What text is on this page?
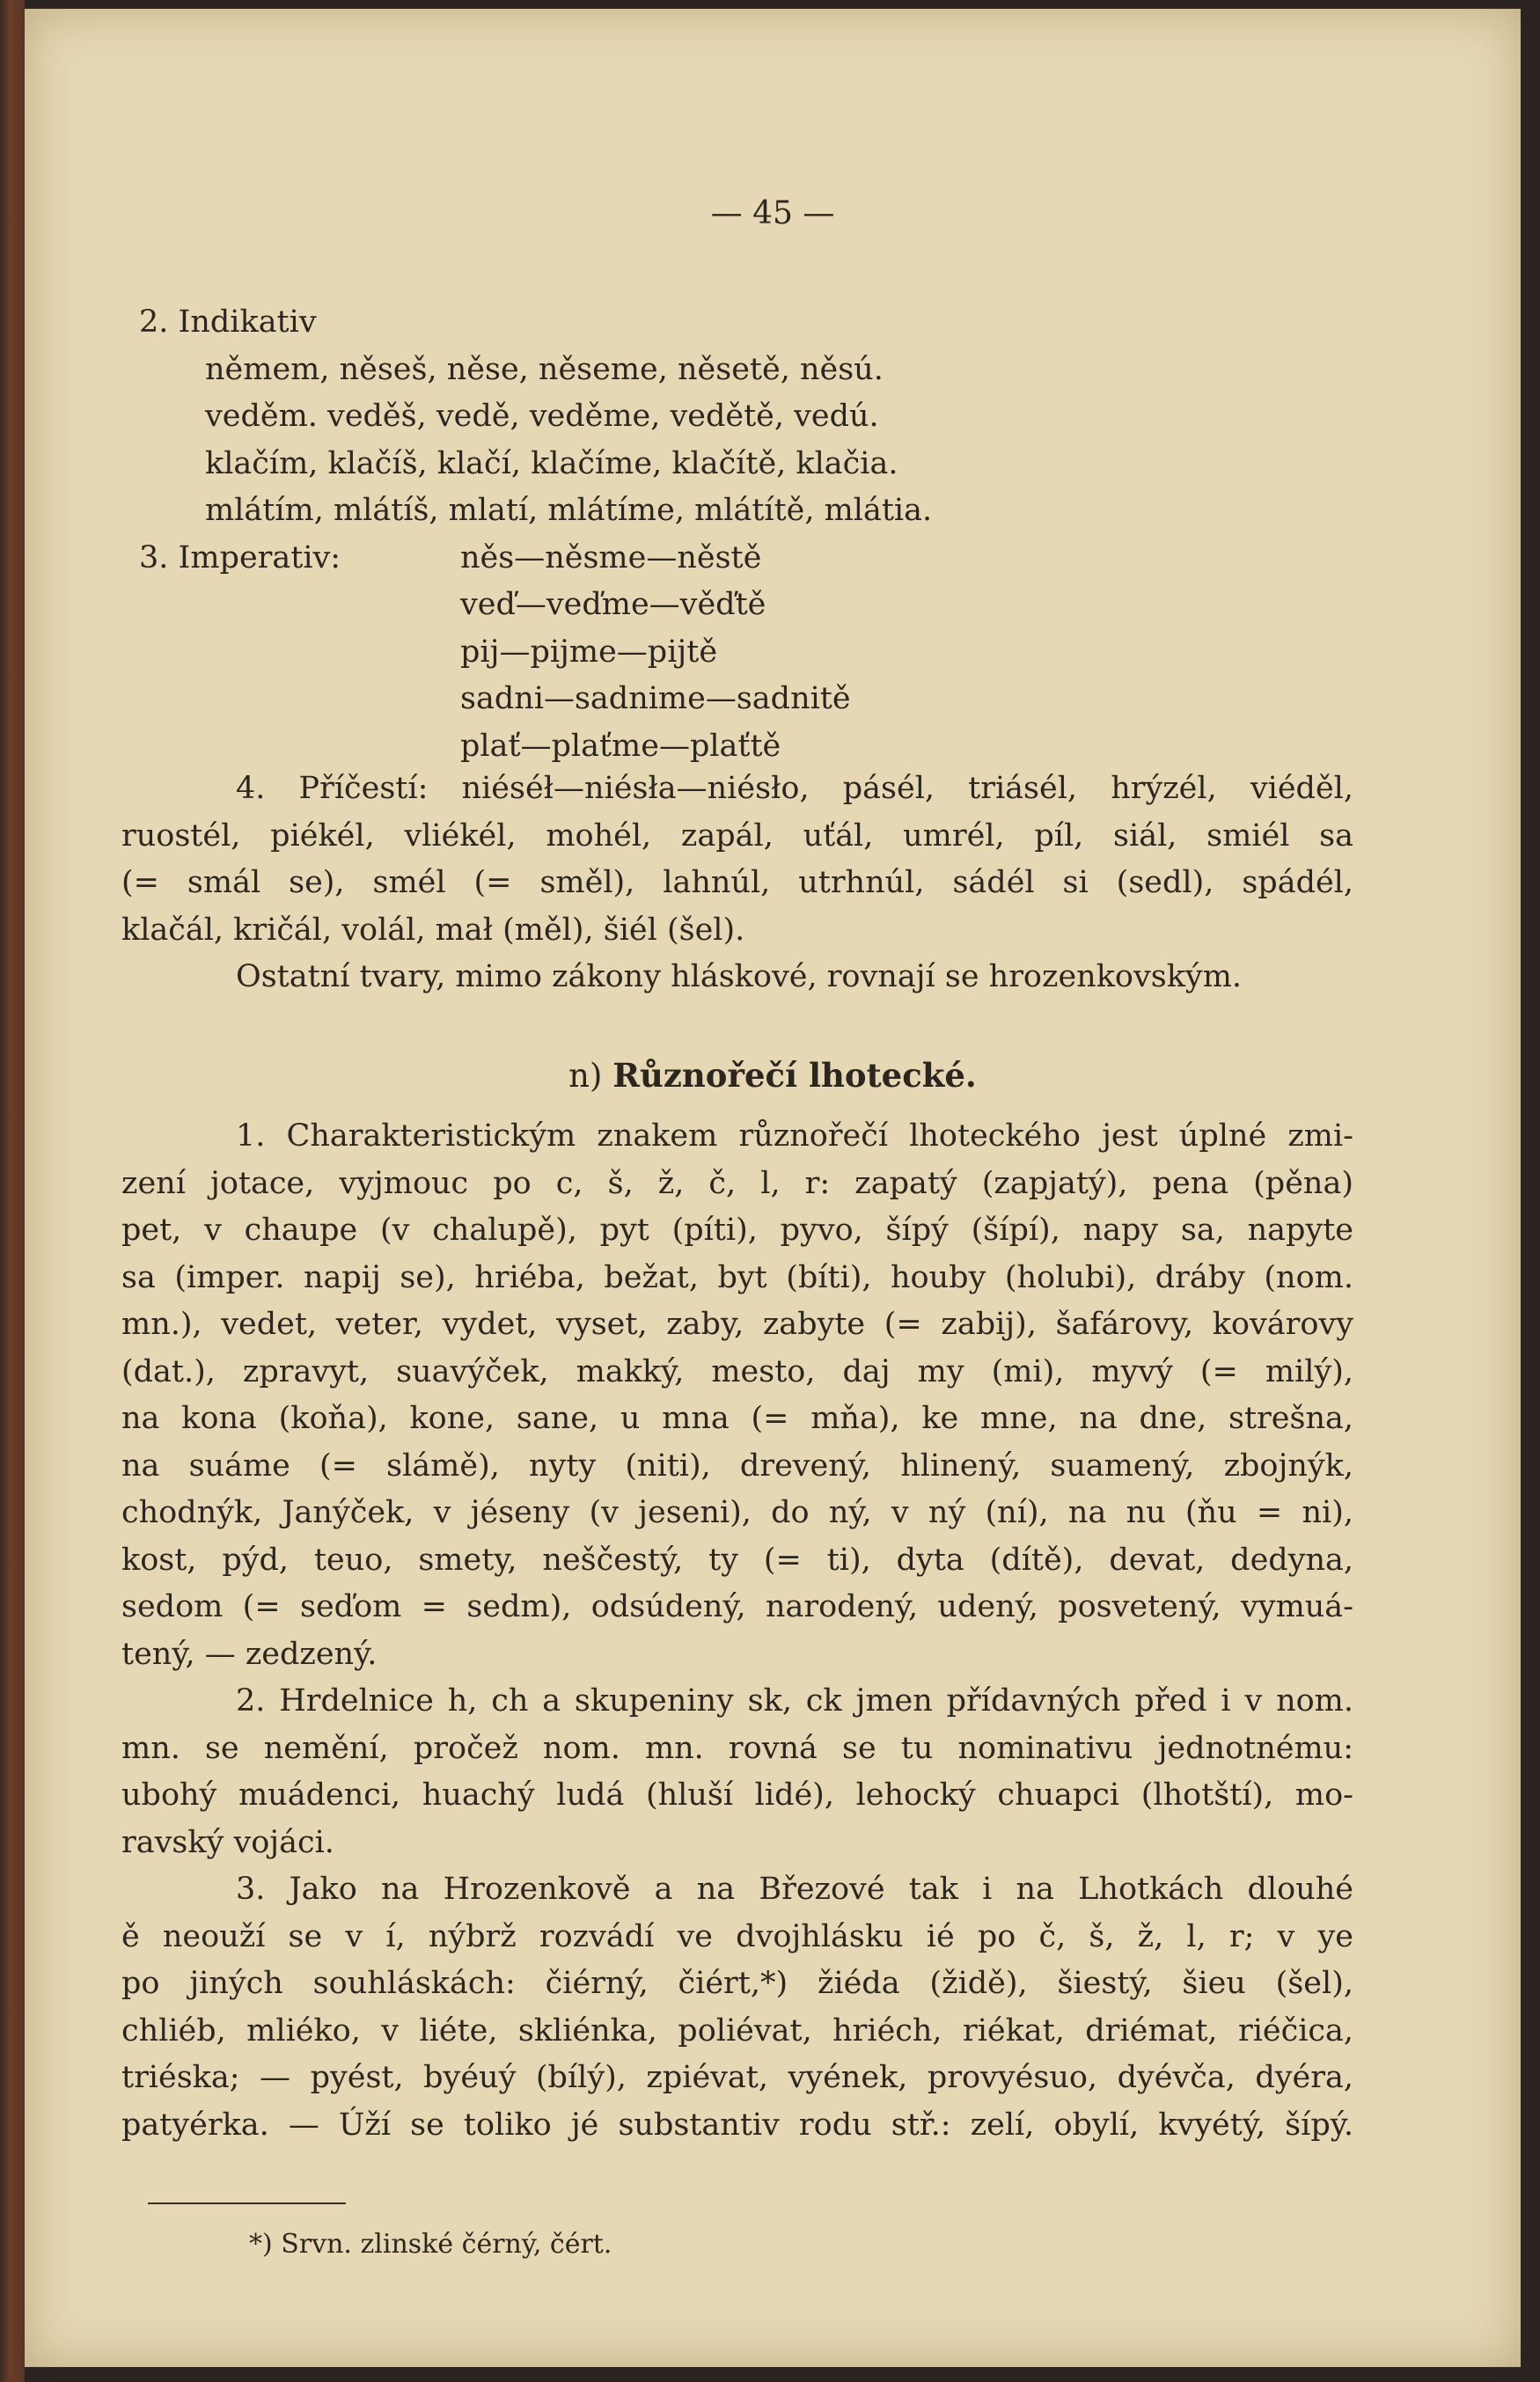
— 45 —
2. Indikativ
němem, něseš, něse, něseme, něsetě, něsú.
veděm. veděš, vedě, veděme, vedětě, vedú.
klačím, klačíš, klačí, klačíme, klačítě, klačia.
mlátím, mlátíš, mlatí, mlátíme, mlátítě, mlátia.
3. Imperativ:	něs—něsme—něstě
veď—veďme—věďtě
pij—pijme—pijtě
sadni—sadnime—sadnitě
plať—plaťme—plaťtě
4. Příčestí: niéséł—niésła—niésło, pásél, triásél, hrýzél, viéděl,
ruostél, piékél, vliékél, mohél, zapál, uťál, umrél, píl, siál, smiél sa
(= smál se), smél (= směl), lahnúl, utrhnúl, sádél si (sedl), spádél,
klačál, kričál, volál, mał (měl), šiél (šel).
Ostatní tvary, mimo zákony hláskové, rovnají se hrozenkovským.
n) Různořečí lhotecké.
1. Charakteristickým znakem různořečí lhoteckého jest úplné zmi-
zení jotace, vyjmouc po c, š, ž, č, l, r: zapatý (zapjatý), pena (pěna)
pet, v chaupe (v chalupě), pyt (píti), pyvo, šípý (šípí), napy sa, napyte
sa (imper. napij se), hriéba, bežat, byt (bíti), houby (holubi), dráby (nom.
mn.), vedet, veter, vydet, vyset, zaby, zabyte (= zabij), šafárovy, kovárovy
(dat.), zpravyt, suavýček, makký, mesto, daj my (mi), myvý (= milý),
na kona (koňa), kone, sane, u mna (= mňa), ke mne, na dne, strešna,
na suáme (= slámě), nyty (niti), drevený, hlinený, suamený, zbojnýk,
chodnýk, Janýček, v jéseny (v jeseni), do ný, v ný (ní), na nu (ňu = ni),
kost, pýd, teuo, smety, neščestý, ty (= ti), dyta (dítě), devat, dedyna,
sedom (= seďom = sedm), odsúdený, narodený, udený, posvetený, vymuá-
tený, — zedzený.
2. Hrdelnice h, ch a skupeniny sk, ck jmen přídavných před i v nom.
mn. se nemění, pročež nom. mn. rovná se tu nominativu jednotnému:
ubohý muádenci, huachý ludá (hluší lidé), lehocký chuapci (lhotští), mo-
ravský vojáci.
3. Jako na Hrozenkově a na Březové tak i na Lhotkách dlouhé
ě neouží se v í, nýbrž rozvádí ve dvojhlásku ié po č, š, ž, l, r; v ye
po jiných souhláskách: čiérný, čiért,*) žiéda (židě), šiestý, šieu (šel),
chliéb, mliéko, v liéte, skliénka, poliévat, hriéch, riékat, driémat, riéčica,
triéska; — pyést, byéuý (bílý), zpiévat, vyének, provyésuo, dyévča, dyéra,
patyérka. — Úží se toliko jé substantiv rodu stř.: zelí, obylí, kvyétý, šípý.
*) Srvn. zlinské čérný, čért.
